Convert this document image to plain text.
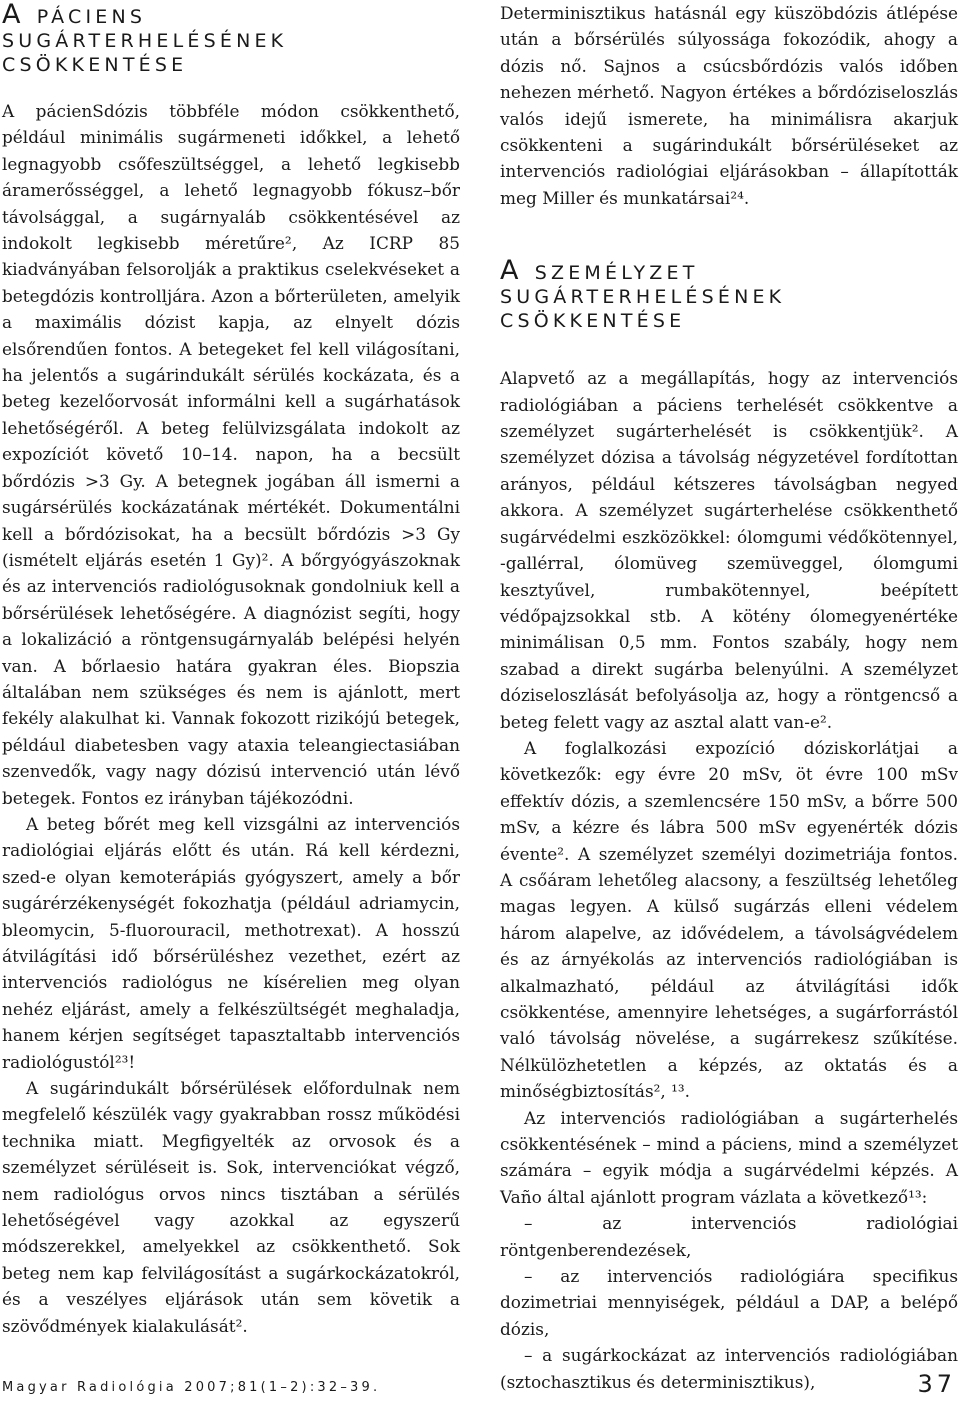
A PÁCIENS
SUGÁRTERHELÉSÉNEK
CSÖKKENTÉSE

A pácienSdózis többféle módon csökkenthető, például minimális sugármeneti időkkel, a lehető legnagyobb csőfeszültséggel, a lehető legkisebb áramerősséggel, a lehető legnagyobb fókusz–bőr távolsággal, a sugárnyaláb csökkentésével az indokolt legkisebb méretűre²‚ Az ICRP 85 kiadványában felsorolják a praktikus cselekvéseket a betegdózis kontrolljára. Azon a bőrterületen, amelyik a maximális dózist kapja, az elnyelt dózis elsőrendűen fontos. A betegeket fel kell világosítani, ha jelentős a sugárindukált sérülés kockázata, és a beteg kezelőorvosát informálni kell a sugárhatások lehetőségéről. A beteg felülvizsgálata indokolt az expozíciót követő 10–14. napon, ha a becsült bőrdózis >3 Gy. A betegnek jogában áll ismerni a sugársérülés kockázatának mértékét. Dokumentálni kell a bőrdózisokat, ha a becsült bőrdózis >3 Gy (ismételt eljárás esetén 1 Gy)². A bőrgyógyászoknak és az intervenciós radiológusoknak gondolniuk kell a bőrsérülések lehetőségére. A diagnózist segíti, hogy a lokalizáció a röntgensugárnyaláb belépési helyén van. A bőrlaesio határa gyakran éles. Biopszia általában nem szükséges és nem is ajánlott, mert fekély alakulhat ki. Vannak fokozott rizikójú betegek, például diabetesben vagy ataxia teleangiectasiában szenvedők, vagy nagy dózisú intervenció után lévő betegek. Fontos ez irányban tájékozódni.

A beteg bőrét meg kell vizsgálni az intervenciós radiológiai eljárás előtt és után. Rá kell kérdezni, szed-e olyan kemoterápiás gyógyszert, amely a bőr sugárérzékenységét fokozhatja (például adriamycin, bleomycin, 5-fluorouracil, methotrexat). A hosszú átvilágítási idő bőrsérüléshez vezethet, ezért az intervenciós radiológus ne kísérelien meg olyan nehéz eljárást, amely a felkészültségét meghaladja, hanem kérjen segítséget tapasztaltabb intervenciós radiológustól²³!

A sugárindukált bőrsérülések előfordulnak nem megfelelő készülék vagy gyakrabban rossz működési technika miatt. Megfigyelték az orvosok és a személyzet sérüléseit is. Sok, intervenciókat végző, nem radiológus orvos nincs tisztában a sérülés lehetőségével vagy azokkal az egyszerű módszerekkel, amelyekkel az csökkenthető. Sok beteg nem kap felvilágosítást a sugárkockázatokról, és a veszélyes eljárások után sem követik a szövődmények kialakulását².

Determinisztikus hatásnál egy küszöbdózis átlépése után a bőrsérülés súlyossága fokozódik, ahogy a dózis nő. Sajnos a csúcsbőrdózis valós időben nehezen mérhető. Nagyon értékes a bőrdóziseloszlás valós idejű ismerete, ha minimálisra akarjuk csökkenteni a sugárindukált bőrsérüléseket az intervenciós radiológiai eljárásokban – állapították meg Miller és munkatársai²⁴.

A SZEMÉLYZET
SUGÁRTERHELÉSÉNEK
CSÖKKENTÉSE

Alapvető az a megállapítás, hogy az intervenciós radiológiában a páciens terhelését csökkentve a személyzet sugárterhelését is csökkentjük². A személyzet dózisa a távolság négyzetével fordítottan arányos, például kétszeres távolságban negyed akkora. A személyzet sugárterhelése csökkenthető sugárvédelmi eszközökkel: ólomgumi védőkötennyel, -gallérral, ólomüveg szemüveggel, ólomgumi kesztyűvel, rumbakötennyel, beépített védőpajzsokkal stb. A kötény ólomegyenértéke minimálisan 0,5 mm. Fontos szabály, hogy nem szabad a direkt sugárba belenyúlni. A személyzet dóziseloszlását befolyásolja az, hogy a röntgencső a beteg felett vagy az asztal alatt van-e².

A foglalkozási expozíció dóziskorlátjai a következők: egy évre 20 mSv, öt évre 100 mSv effektív dózis, a szemlencsére 150 mSv, a bőrre 500 mSv, a kézre és lábra 500 mSv egyenérték dózis évente². A személyzet személyi dozimetriája fontos. A csőáram lehetőleg alacsony, a feszültség lehetőleg magas legyen. A külső sugárzás elleni védelem három alapelve, az idővédelem, a távolságvédelem és az árnyékolás az intervenciós radiológiában is alkalmazható, például az átvilágítási idők csökkentése, amennyire lehetséges, a sugárforrástól való távolság növelése, a sugárrekesz szűkítése. Nélkülözhetetlen a képzés, az oktatás és a minőségbiztosítás², ¹³.

Az intervenciós radiológiában a sugárterhelés csökkentésének – mind a páciens, mind a személyzet számára – egyik módja a sugárvédelmi képzés. A Vaño által ajánlott program vázlata a következő¹³:

– az intervenciós radiológiai röntgenberendezések,

– az intervenciós radiológiára specifikus dozimetriai mennyiségek, például a DAP, a belépő dózis,

– a sugárkockázat az intervenciós radiológiában (sztochasztikus és determinisztikus),

Magyar Radiológia 2007;81(1–2):32–39.	37
